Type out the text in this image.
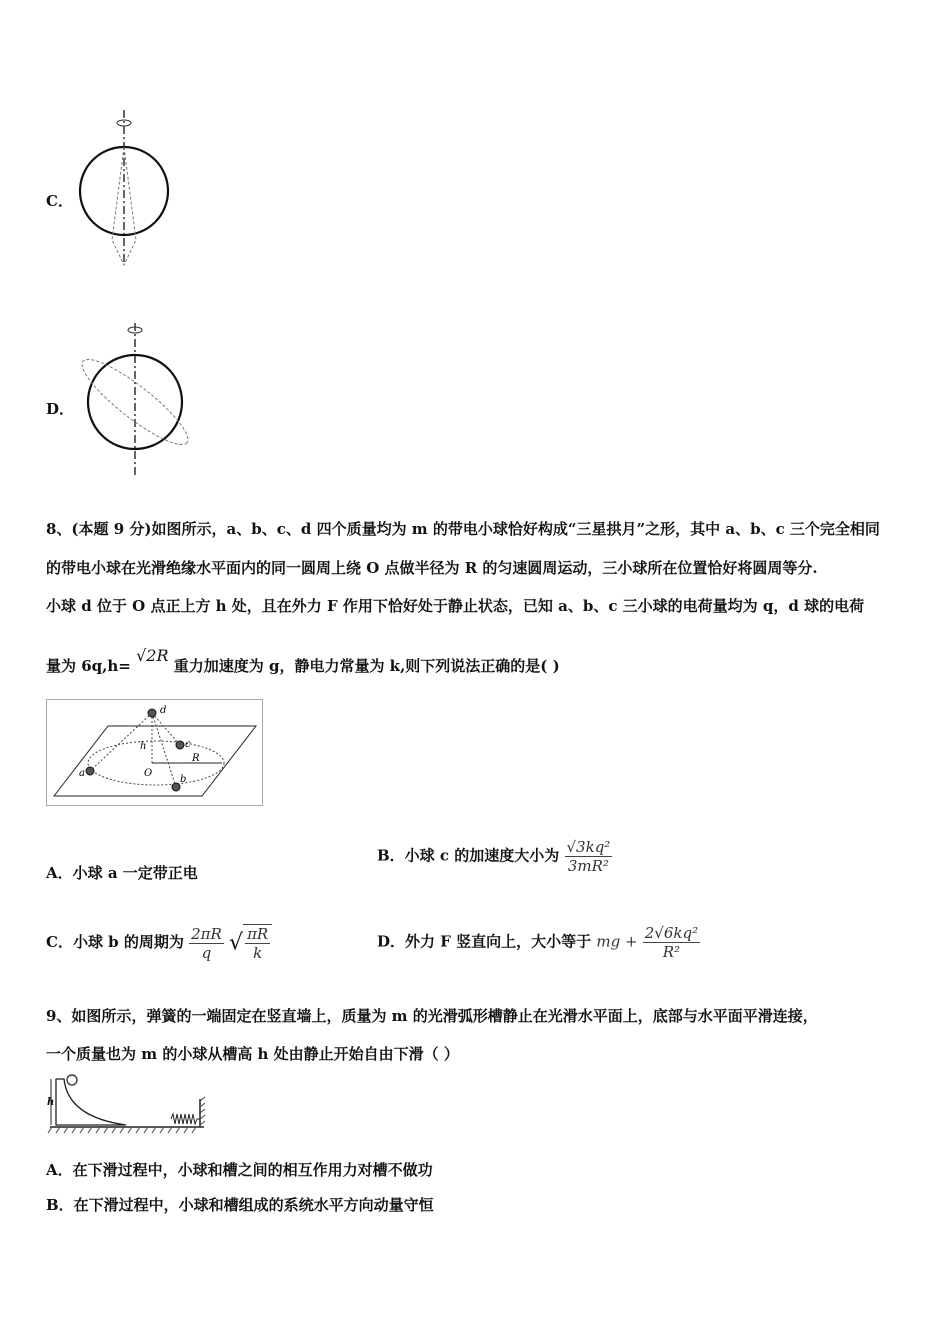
C．
D．
8、(本题 9 分)如图所示，a、b、c、d 四个质量均为 m 的带电小球恰好构成“三星拱月”之形，其中 a、b、c 三个完全相同
的带电小球在光滑绝缘水平面内的同一圆周上绕 O 点做半径为 R 的匀速圆周运动，三小球所在位置恰好将圆周等分.
小球 d 位于 O 点正上方 h 处，且在外力 F 作用下恰好处于静止状态，已知 a、b、c 三小球的电荷量均为 q，d 球的电荷
量为 6q,h= √2R 重力加速度为 g，静电力常量为 k,则下列说法正确的是( )
d
c
h
O
R
a
b
A．小球 a 一定带正电
B．小球 c 的加速度大小为 $\frac{\text{√3kq²}}{\text{3mR²}}$
C．小球 b 的周期为 $\frac{2\pi R}{q}$ √ $\frac{\pi R}{k}$	D．外力 F 竖直向上，大小等于 mg + $\frac{\text{2√6kq²}}{\text{R²}}$
9、如图所示，弹簧的一端固定在竖直墙上，质量为 m 的光滑弧形槽静止在光滑水平面上，底部与水平面平滑连接，
一个质量也为 m 的小球从槽高 h 处由静止开始自由下滑（ ）
h
A．在下滑过程中，小球和槽之间的相互作用力对槽不做功
B．在下滑过程中，小球和槽组成的系统水平方向动量守恒
